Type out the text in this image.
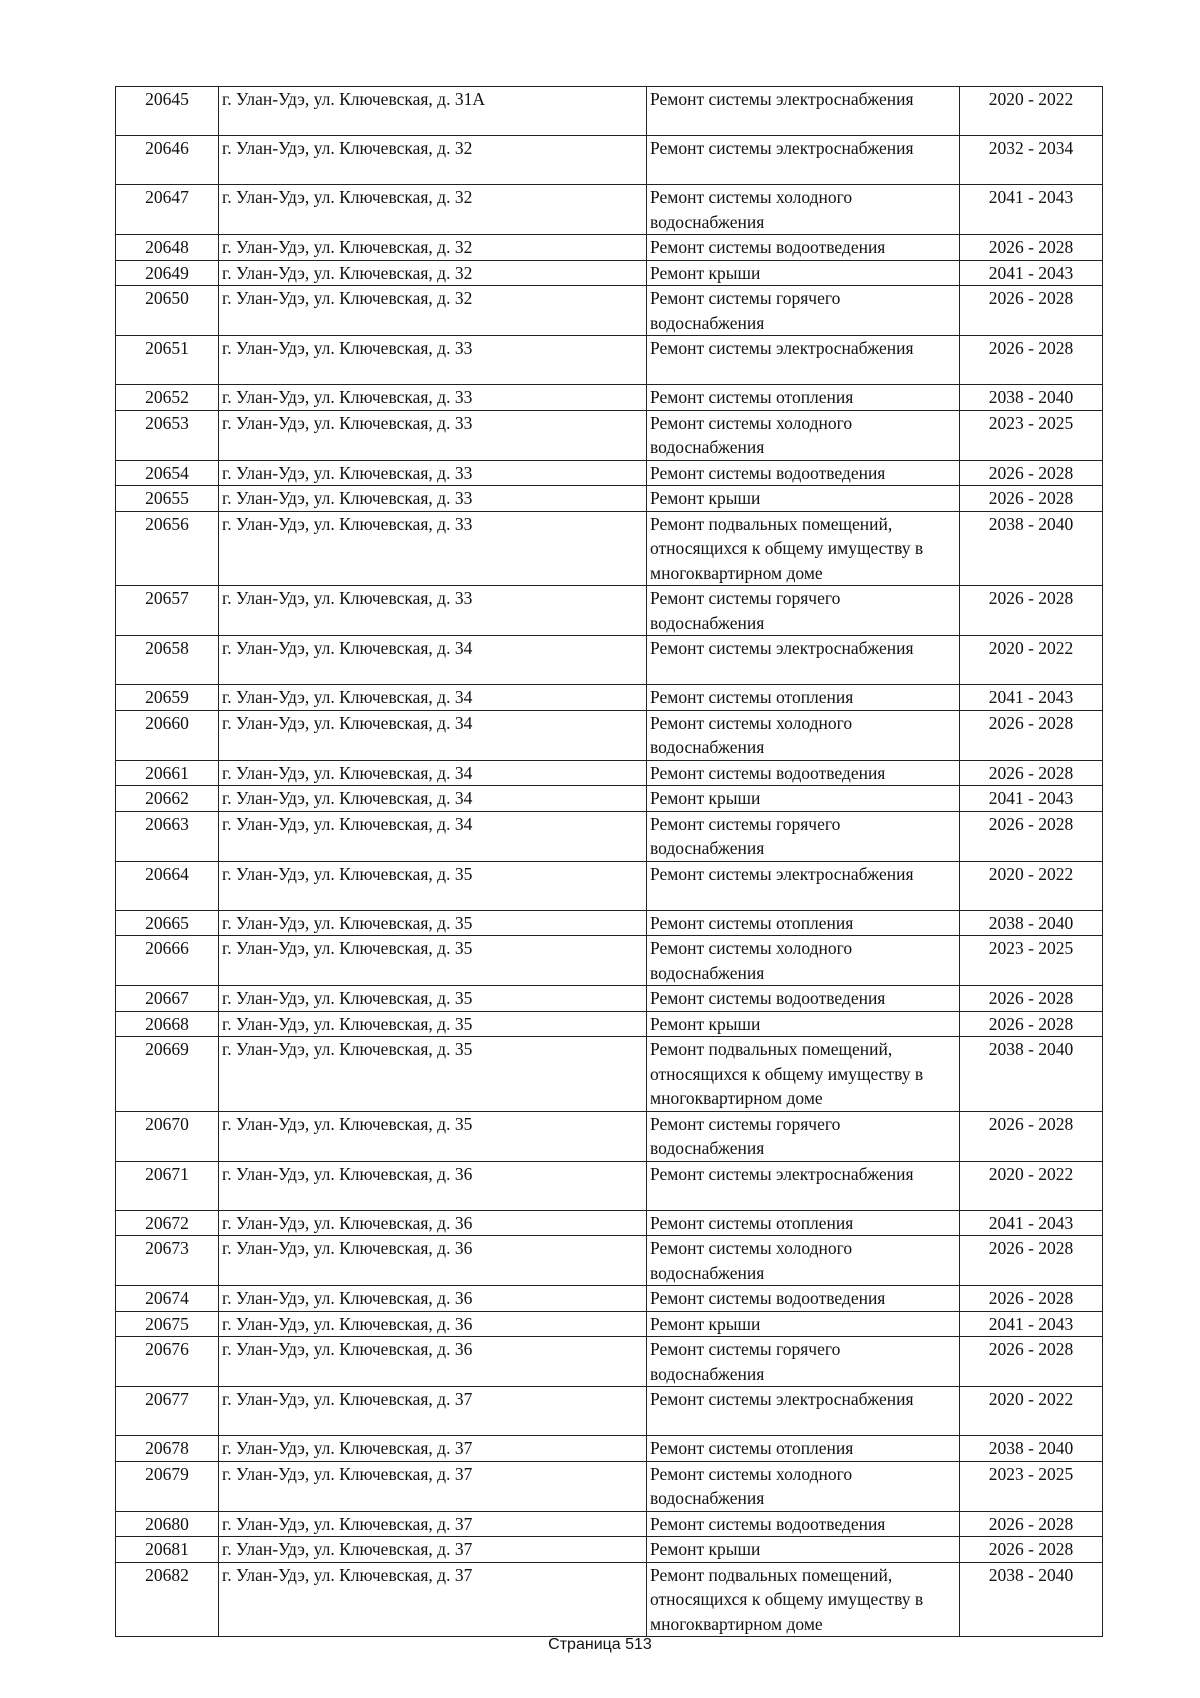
20645	г. Улан-Удэ, ул. Ключевская, д. 31А	Ремонт системы электроснабжения	2020 - 2022
20646	г. Улан-Удэ, ул. Ключевская, д. 32	Ремонт системы электроснабжения	2032 - 2034
20647	г. Улан-Удэ, ул. Ключевская, д. 32	Ремонт системы холодного водоснабжения	2041 - 2043
20648	г. Улан-Удэ, ул. Ключевская, д. 32	Ремонт системы водоотведения	2026 - 2028
20649	г. Улан-Удэ, ул. Ключевская, д. 32	Ремонт крыши	2041 - 2043
20650	г. Улан-Удэ, ул. Ключевская, д. 32	Ремонт системы горячего водоснабжения	2026 - 2028
20651	г. Улан-Удэ, ул. Ключевская, д. 33	Ремонт системы электроснабжения	2026 - 2028
20652	г. Улан-Удэ, ул. Ключевская, д. 33	Ремонт системы отопления	2038 - 2040
20653	г. Улан-Удэ, ул. Ключевская, д. 33	Ремонт системы холодного водоснабжения	2023 - 2025
20654	г. Улан-Удэ, ул. Ключевская, д. 33	Ремонт системы водоотведения	2026 - 2028
20655	г. Улан-Удэ, ул. Ключевская, д. 33	Ремонт крыши	2026 - 2028
20656	г. Улан-Удэ, ул. Ключевская, д. 33	Ремонт подвальных помещений, относящихся к общему имуществу в многоквартирном доме	2038 - 2040
20657	г. Улан-Удэ, ул. Ключевская, д. 33	Ремонт системы горячего водоснабжения	2026 - 2028
20658	г. Улан-Удэ, ул. Ключевская, д. 34	Ремонт системы электроснабжения	2020 - 2022
20659	г. Улан-Удэ, ул. Ключевская, д. 34	Ремонт системы отопления	2041 - 2043
20660	г. Улан-Удэ, ул. Ключевская, д. 34	Ремонт системы холодного водоснабжения	2026 - 2028
20661	г. Улан-Удэ, ул. Ключевская, д. 34	Ремонт системы водоотведения	2026 - 2028
20662	г. Улан-Удэ, ул. Ключевская, д. 34	Ремонт крыши	2041 - 2043
20663	г. Улан-Удэ, ул. Ключевская, д. 34	Ремонт системы горячего водоснабжения	2026 - 2028
20664	г. Улан-Удэ, ул. Ключевская, д. 35	Ремонт системы электроснабжения	2020 - 2022
20665	г. Улан-Удэ, ул. Ключевская, д. 35	Ремонт системы отопления	2038 - 2040
20666	г. Улан-Удэ, ул. Ключевская, д. 35	Ремонт системы холодного водоснабжения	2023 - 2025
20667	г. Улан-Удэ, ул. Ключевская, д. 35	Ремонт системы водоотведения	2026 - 2028
20668	г. Улан-Удэ, ул. Ключевская, д. 35	Ремонт крыши	2026 - 2028
20669	г. Улан-Удэ, ул. Ключевская, д. 35	Ремонт подвальных помещений, относящихся к общему имуществу в многоквартирном доме	2038 - 2040
20670	г. Улан-Удэ, ул. Ключевская, д. 35	Ремонт системы горячего водоснабжения	2026 - 2028
20671	г. Улан-Удэ, ул. Ключевская, д. 36	Ремонт системы электроснабжения	2020 - 2022
20672	г. Улан-Удэ, ул. Ключевская, д. 36	Ремонт системы отопления	2041 - 2043
20673	г. Улан-Удэ, ул. Ключевская, д. 36	Ремонт системы холодного водоснабжения	2026 - 2028
20674	г. Улан-Удэ, ул. Ключевская, д. 36	Ремонт системы водоотведения	2026 - 2028
20675	г. Улан-Удэ, ул. Ключевская, д. 36	Ремонт крыши	2041 - 2043
20676	г. Улан-Удэ, ул. Ключевская, д. 36	Ремонт системы горячего водоснабжения	2026 - 2028
20677	г. Улан-Удэ, ул. Ключевская, д. 37	Ремонт системы электроснабжения	2020 - 2022
20678	г. Улан-Удэ, ул. Ключевская, д. 37	Ремонт системы отопления	2038 - 2040
20679	г. Улан-Удэ, ул. Ключевская, д. 37	Ремонт системы холодного водоснабжения	2023 - 2025
20680	г. Улан-Удэ, ул. Ключевская, д. 37	Ремонт системы водоотведения	2026 - 2028
20681	г. Улан-Удэ, ул. Ключевская, д. 37	Ремонт крыши	2026 - 2028
20682	г. Улан-Удэ, ул. Ключевская, д. 37	Ремонт подвальных помещений, относящихся к общему имуществу в многоквартирном доме	2038 - 2040
Страница 513
